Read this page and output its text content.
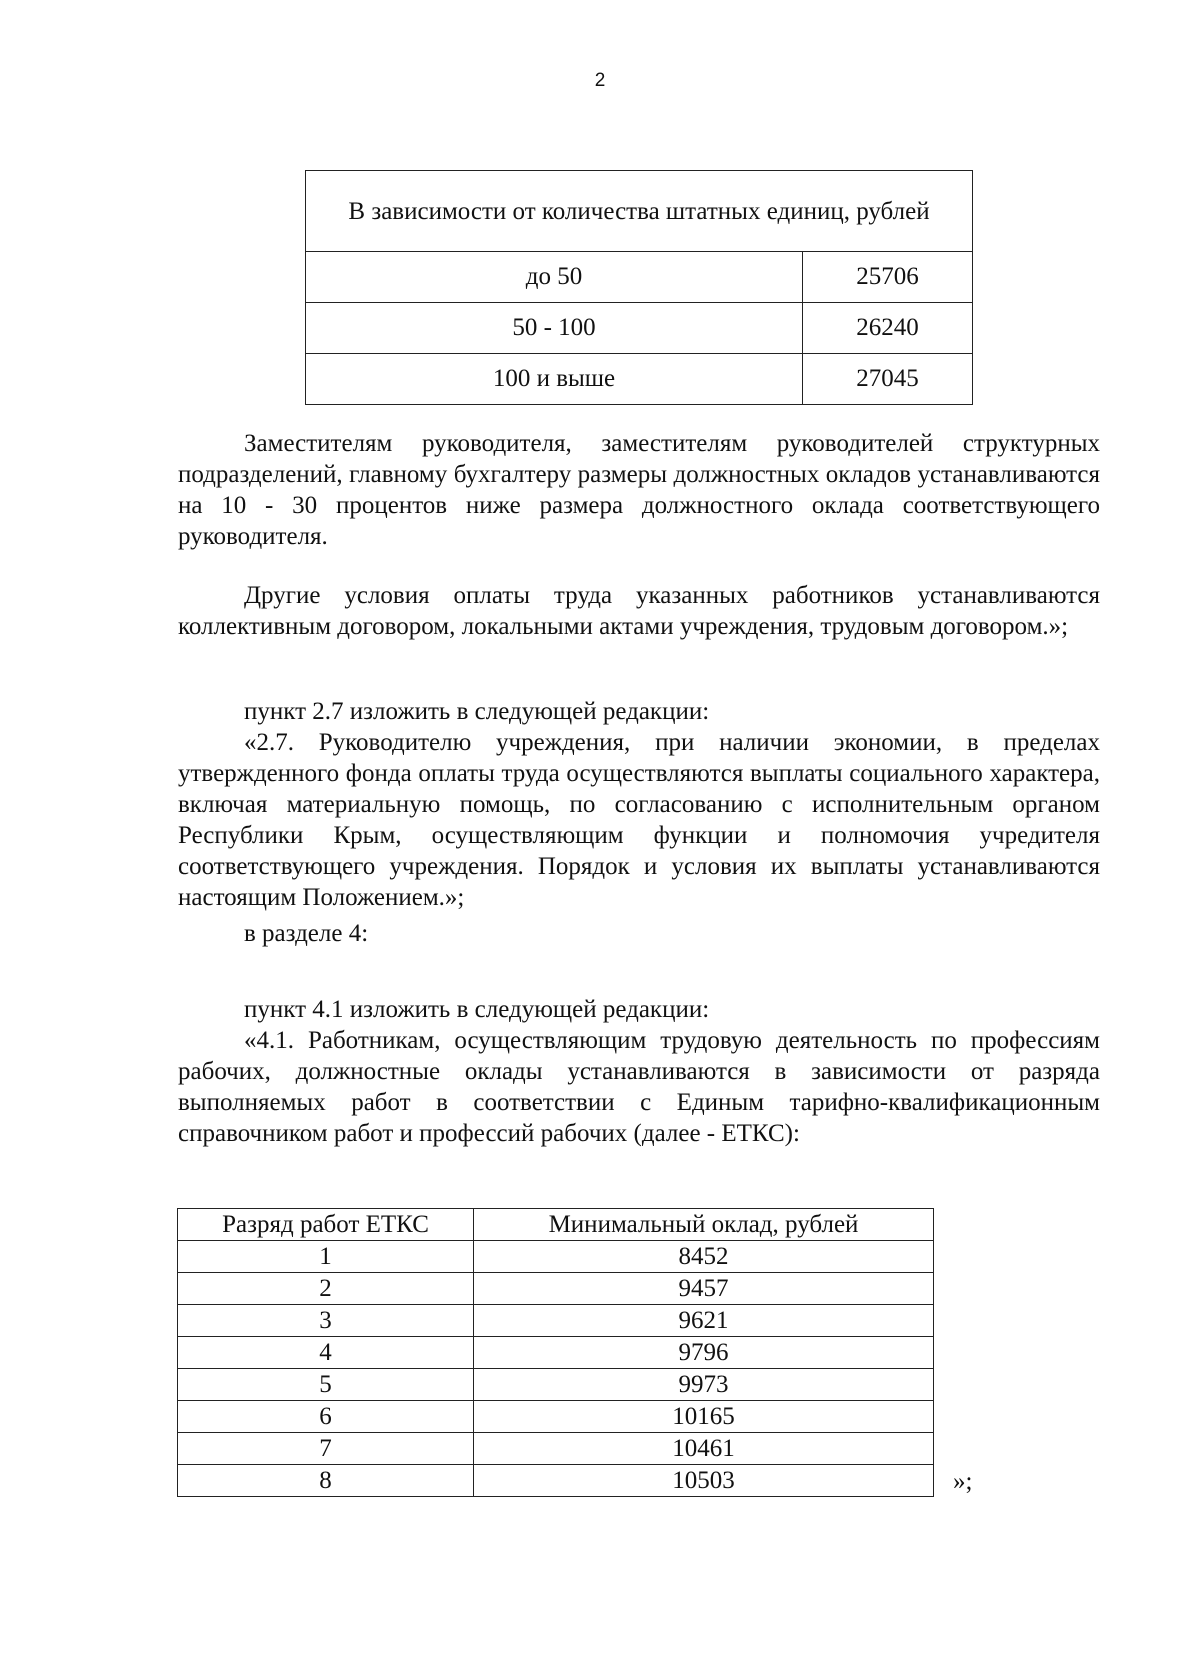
2
В зависимости от количества штатных единиц, рублей	
до 50	25706
50 - 100	26240
100 и выше	27045

Заместителям руководителя, заместителям руководителей структурных подразделений, главному бухгалтеру размеры должностных окладов устанавливаются на 10 - 30 процентов ниже размера должностного оклада соответствующего руководителя.

Другие условия оплаты труда указанных работников устанавливаются коллективным договором, локальными актами учреждения, трудовым договором.»;

пункт 2.7 изложить в следующей редакции:

«2.7. Руководителю учреждения, при наличии экономии, в пределах утвержденного фонда оплаты труда осуществляются выплаты социального характера, включая материальную помощь, по согласованию с исполнительным органом Республики Крым, осуществляющим функции и полномочия учредителя соответствующего учреждения. Порядок и условия их выплаты устанавливаются настоящим Положением.»;

в разделе 4:

пункт 4.1 изложить в следующей редакции:

«4.1. Работникам, осуществляющим трудовую деятельность по профессиям рабочих, должностные оклады устанавливаются в зависимости от разряда выполняемых работ в соответствии с Единым тарифно-квалификационным справочником работ и профессий рабочих (далее - ЕТКС):

Разряд работ ЕТКС	Минимальный оклад, рублей
1	8452
2	9457
3	9621
4	9796
5	9973
6	10165
7	10461
8	10503	»;
